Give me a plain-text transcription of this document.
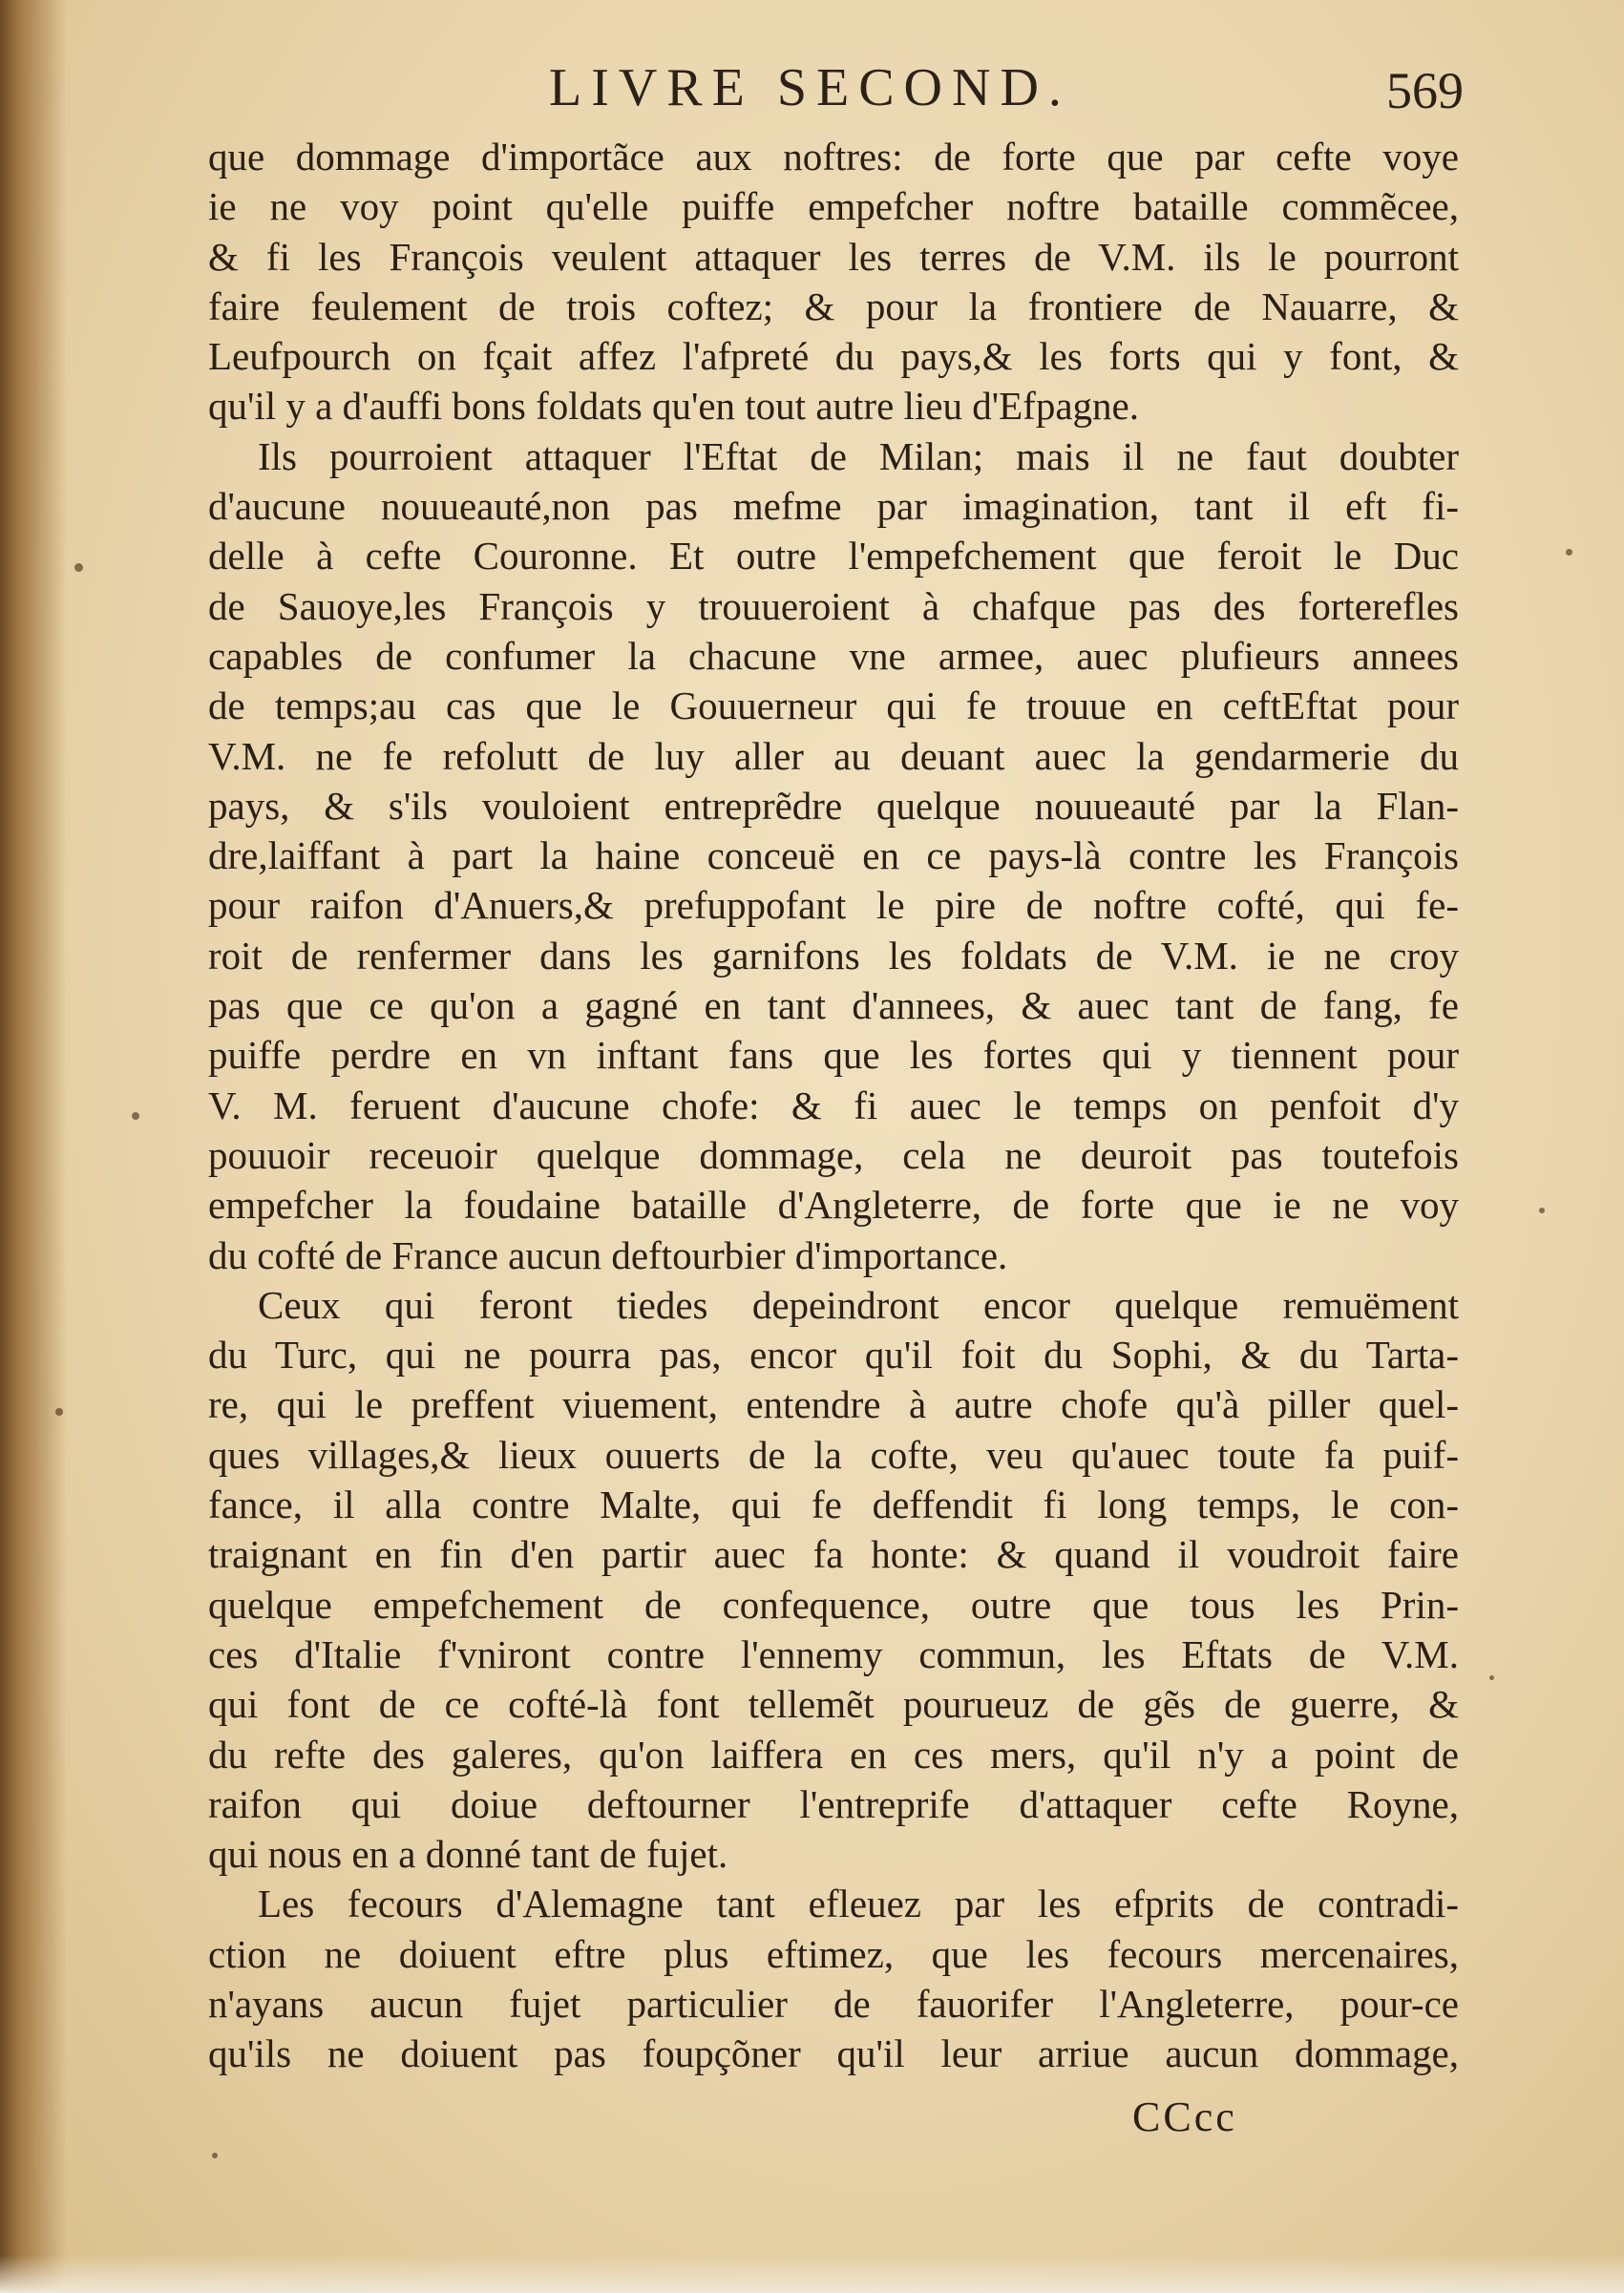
LIVRE SECOND.	569
que dommage d'importãce aux noftres: de forte que par cefte voye
ie ne voy point qu'elle puiffe empefcher noftre bataille commẽcee,
& fi les François veulent attaquer les terres de V.M. ils le pourront
faire feulement de trois coftez; & pour la frontiere de Nauarre, &
Leufpourch on fçait affez l'afpreté du pays,& les forts qui y font, &
qu'il y a d'auffi bons foldats qu'en tout autre lieu d'Efpagne.
Ils pourroient attaquer l'Eftat de Milan; mais il ne faut doubter
d'aucune nouueauté,non pas mefme par imagination, tant il eft fi-
delle à cefte Couronne. Et outre l'empefchement que feroit le Duc
de Sauoye,les François y trouueroient à chafque pas des forterefles
capables de confumer la chacune vne armee, auec plufieurs annees
de temps;au cas que le Gouuerneur qui fe trouue en ceftEftat pour
V.M. ne fe refolutt de luy aller au deuant auec la gendarmerie du
pays, & s'ils vouloient entreprẽdre quelque nouueauté par la Flan-
dre,laiffant à part la haine conceuë en ce pays-là contre les François
pour raifon d'Anuers,& prefuppofant le pire de noftre cofté, qui fe-
roit de renfermer dans les garnifons les foldats de V.M. ie ne croy
pas que ce qu'on a gagné en tant d'annees, & auec tant de fang, fe
puiffe perdre en vn inftant fans que les fortes qui y tiennent pour
V. M. feruent d'aucune chofe: & fi auec le temps on penfoit d'y
pouuoir receuoir quelque dommage, cela ne deuroit pas toutefois
empefcher la foudaine bataille d'Angleterre, de forte que ie ne voy
du cofté de France aucun deftourbier d'importance.
Ceux qui feront tiedes depeindront encor quelque remuëment
du Turc, qui ne pourra pas, encor qu'il foit du Sophi, & du Tarta-
re, qui le preffent viuement, entendre à autre chofe qu'à piller quel-
ques villages,& lieux ouuerts de la cofte, veu qu'auec toute fa puif-
fance, il alla contre Malte, qui fe deffendit fi long temps, le con-
traignant en fin d'en partir auec fa honte: & quand il voudroit faire
quelque empefchement de confequence, outre que tous les Prin-
ces d'Italie f'vniront contre l'ennemy commun, les Eftats de V.M.
qui font de ce cofté-là font tellemẽt pourueuz de gẽs de guerre, &
du refte des galeres, qu'on laiffera en ces mers, qu'il n'y a point de
raifon qui doiue deftourner l'entreprife d'attaquer cefte Royne,
qui nous en a donné tant de fujet.
Les fecours d'Alemagne tant efleuez par les efprits de contradi-
ction ne doiuent eftre plus eftimez, que les fecours mercenaires,
n'ayans aucun fujet particulier de fauorifer l'Angleterre, pour-ce
qu'ils ne doiuent pas foupçõner qu'il leur arriue aucun dommage,
CCcc
